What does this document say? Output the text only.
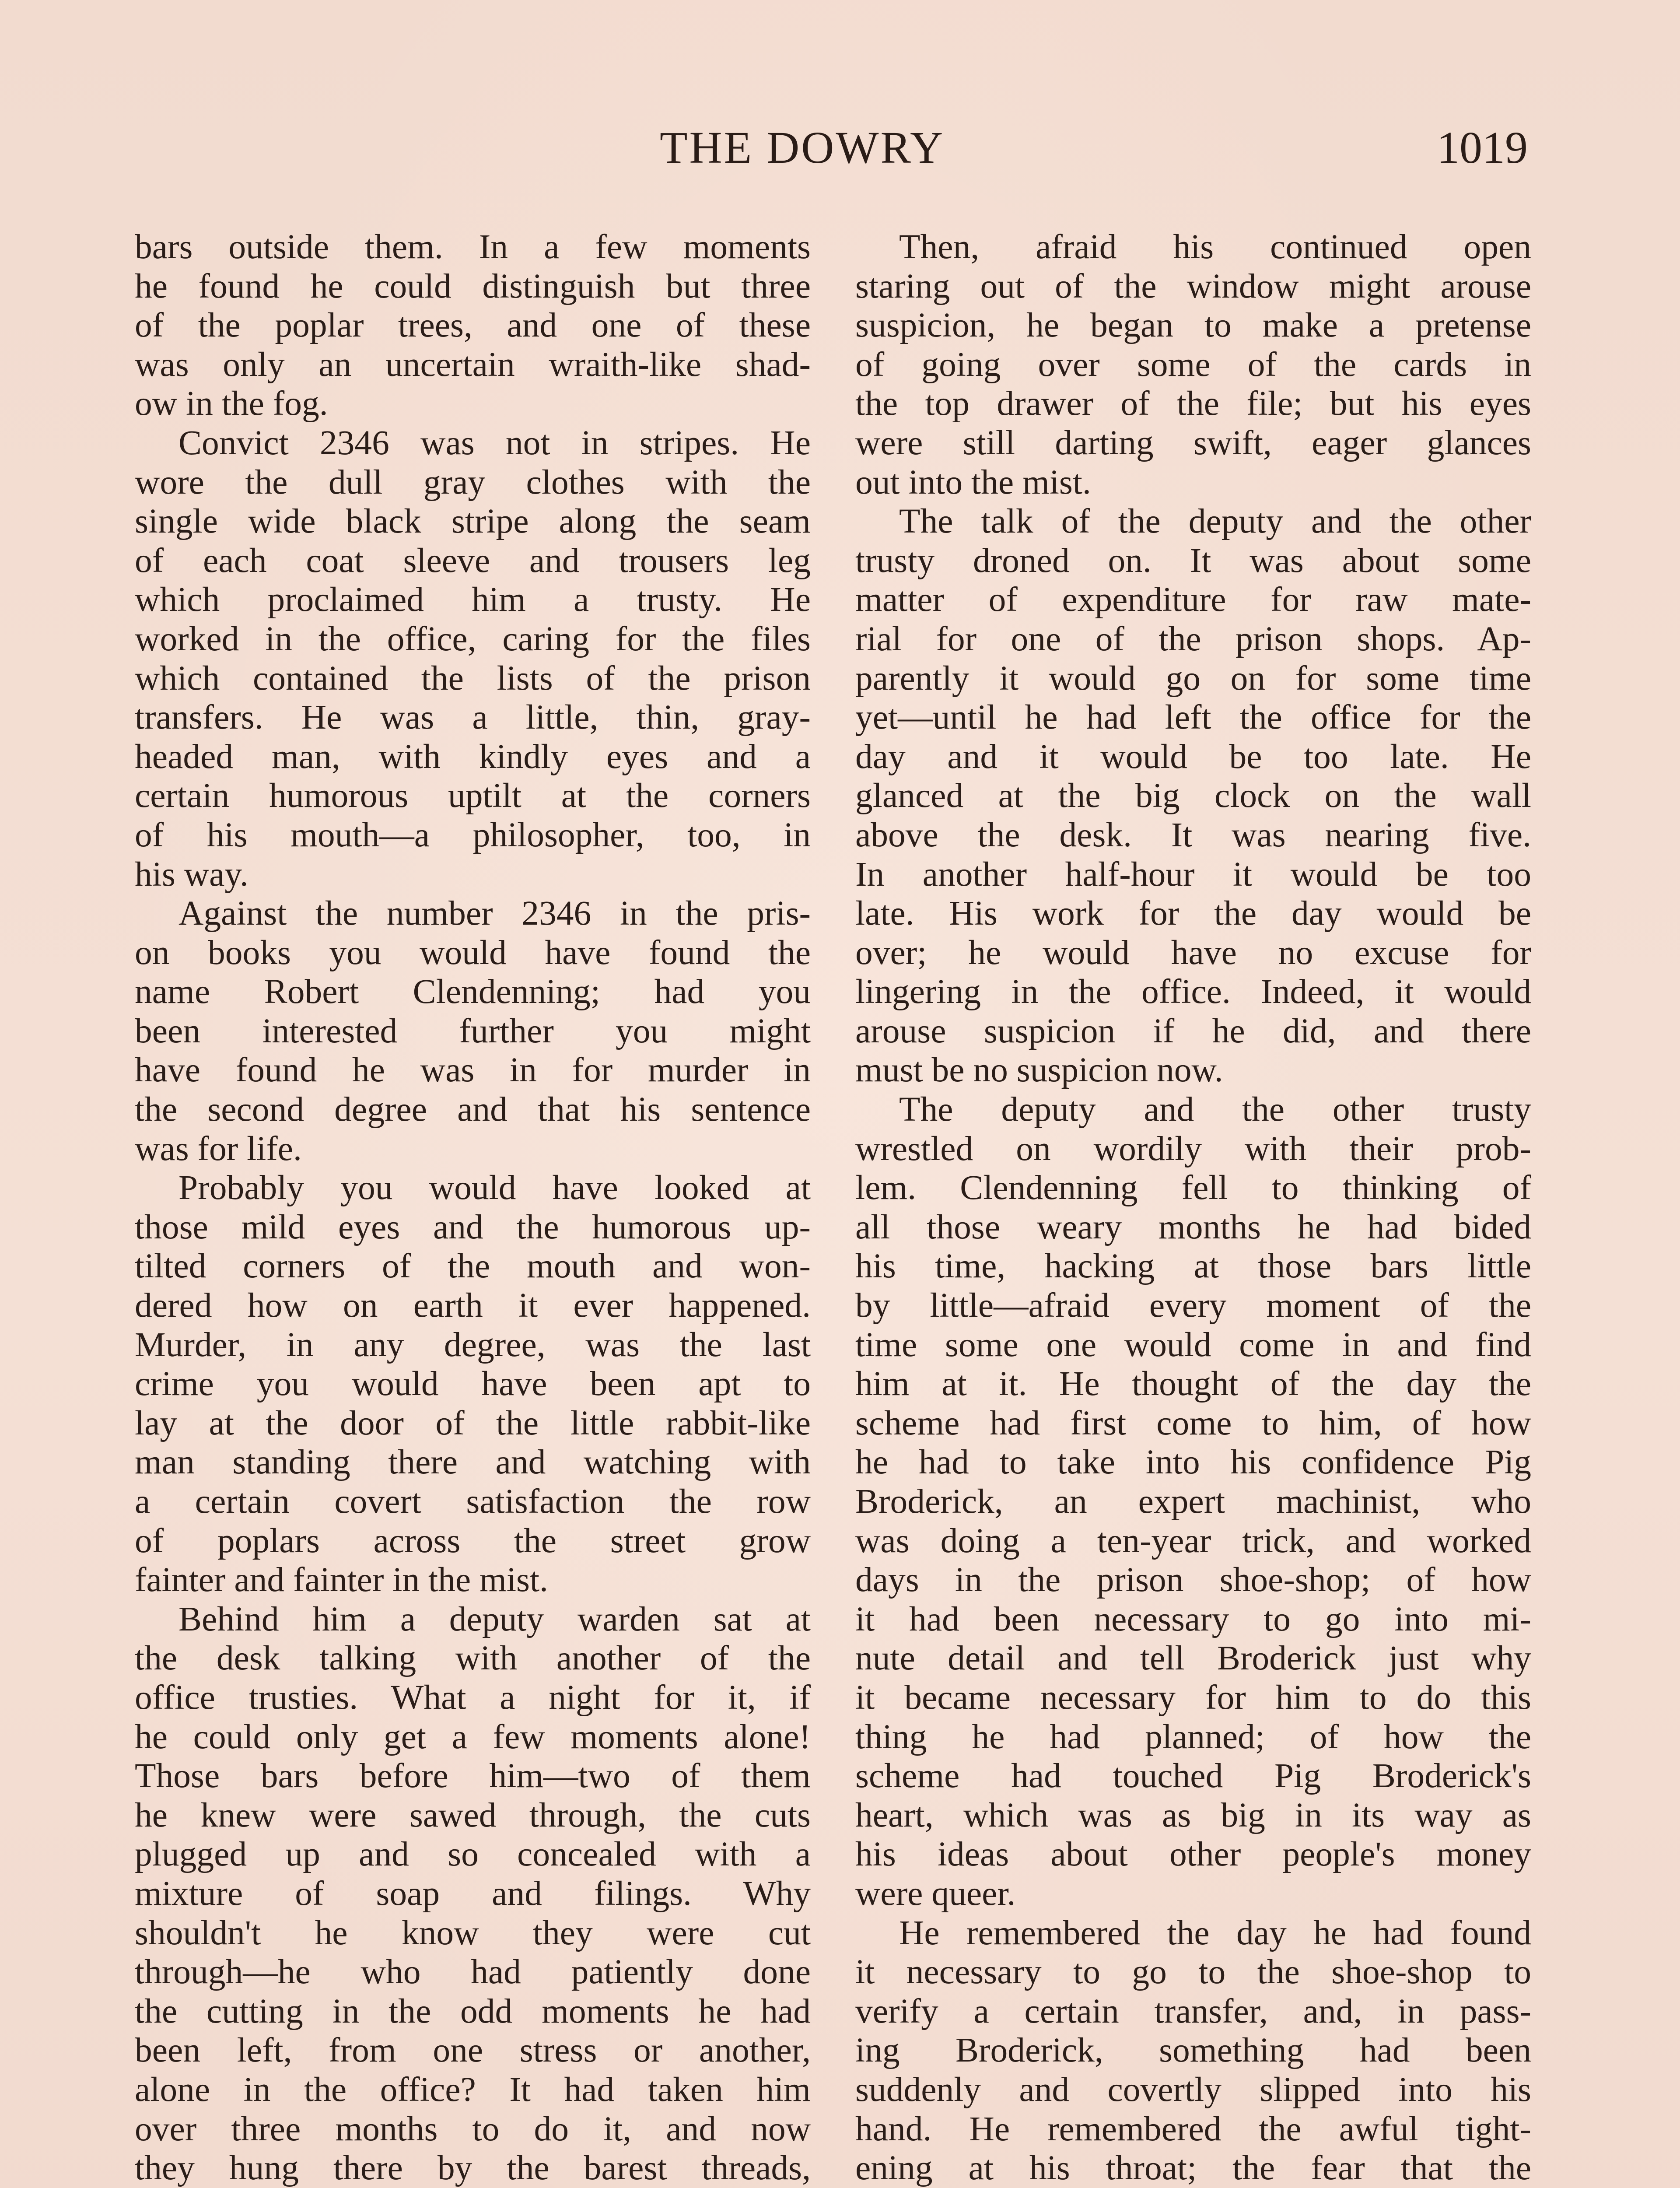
THE DOWRY	1019
bars outside them. In a few moments
he found he could distinguish but three
of the poplar trees, and one of these
was only an uncertain wraith-like shad-
ow in the fog.
Convict 2346 was not in stripes. He
wore the dull gray clothes with the
single wide black stripe along the seam
of each coat sleeve and trousers leg
which proclaimed him a trusty. He
worked in the office, caring for the files
which contained the lists of the prison
transfers. He was a little, thin, gray-
headed man, with kindly eyes and a
certain humorous uptilt at the corners
of his mouth—a philosopher, too, in
his way.
Against the number 2346 in the pris-
on books you would have found the
name Robert Clendenning; had you
been interested further you might
have found he was in for murder in
the second degree and that his sentence
was for life.
Probably you would have looked at
those mild eyes and the humorous up-
tilted corners of the mouth and won-
dered how on earth it ever happened.
Murder, in any degree, was the last
crime you would have been apt to
lay at the door of the little rabbit-like
man standing there and watching with
a certain covert satisfaction the row
of poplars across the street grow
fainter and fainter in the mist.
Behind him a deputy warden sat at
the desk talking with another of the
office trusties. What a night for it, if
he could only get a few moments alone!
Those bars before him—two of them
he knew were sawed through, the cuts
plugged up and so concealed with a
mixture of soap and filings. Why
shouldn't he know they were cut
through—he who had patiently done
the cutting in the odd moments he had
been left, from one stress or another,
alone in the office? It had taken him
over three months to do it, and now
they hung there by the barest threads,
Then, afraid his continued open
staring out of the window might arouse
suspicion, he began to make a pretense
of going over some of the cards in
the top drawer of the file; but his eyes
were still darting swift, eager glances
out into the mist.
The talk of the deputy and the other
trusty droned on. It was about some
matter of expenditure for raw mate-
rial for one of the prison shops. Ap-
parently it would go on for some time
yet—until he had left the office for the
day and it would be too late. He
glanced at the big clock on the wall
above the desk. It was nearing five.
In another half-hour it would be too
late. His work for the day would be
over; he would have no excuse for
lingering in the office. Indeed, it would
arouse suspicion if he did, and there
must be no suspicion now.
The deputy and the other trusty
wrestled on wordily with their prob-
lem. Clendenning fell to thinking of
all those weary months he had bided
his time, hacking at those bars little
by little—afraid every moment of the
time some one would come in and find
him at it. He thought of the day the
scheme had first come to him, of how
he had to take into his confidence Pig
Broderick, an expert machinist, who
was doing a ten-year trick, and worked
days in the prison shoe-shop; of how
it had been necessary to go into mi-
nute detail and tell Broderick just why
it became necessary for him to do this
thing he had planned; of how the
scheme had touched Pig Broderick's
heart, which was as big in its way as
his ideas about other people's money
were queer.
He remembered the day he had found
it necessary to go to the shoe-shop to
verify a certain transfer, and, in pass-
ing Broderick, something had been
suddenly and covertly slipped into his
hand. He remembered the awful tight-
ening at his throat; the fear that the
